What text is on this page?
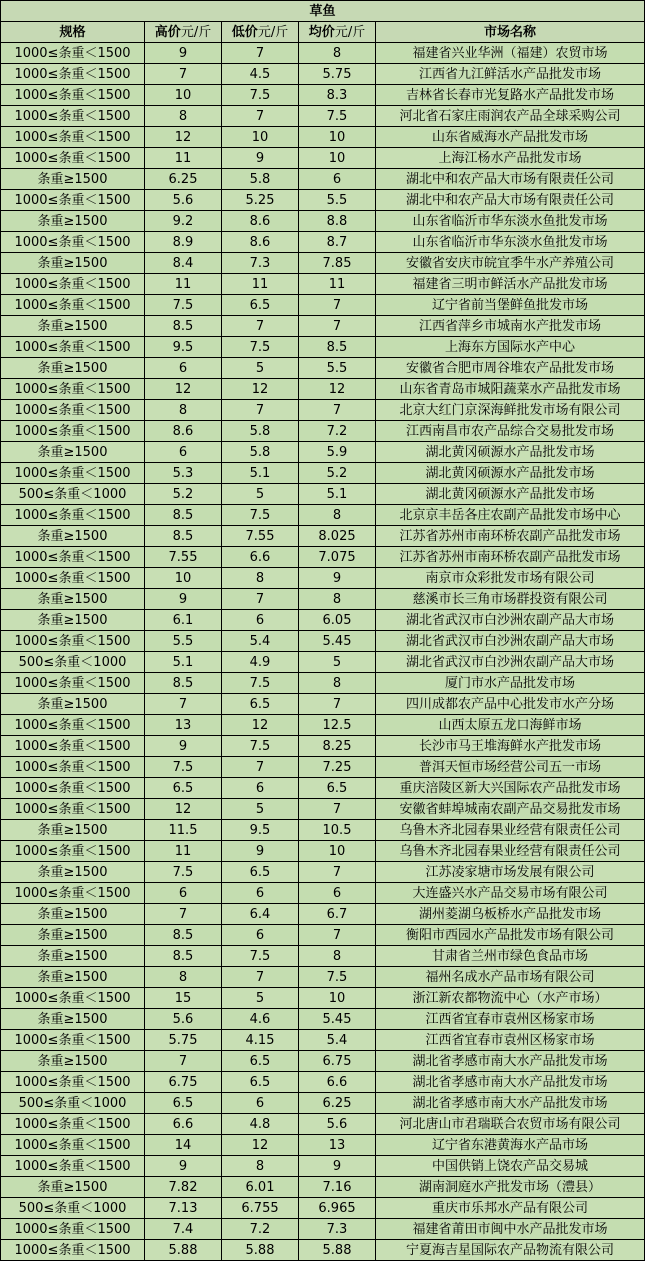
草鱼				
规格	高价元/斤	低价元/斤	均价元/斤	市场名称
1000≤条重＜1500	9	7	8	福建省兴业华洲（福建）农贸市场
1000≤条重＜1500	7	4.5	5.75	江西省九江鲜活水产品批发市场
1000≤条重＜1500	10	7.5	8.3	吉林省长春市光复路水产品批发市场
1000≤条重＜1500	8	7	7.5	河北省石家庄雨润农产品全球采购公司
1000≤条重＜1500	12	10	10	山东省威海水产品批发市场
1000≤条重＜1500	11	9	10	上海江杨水产品批发市场
条重≥1500	6.25	5.8	6	湖北中和农产品大市场有限责任公司
1000≤条重＜1500	5.6	5.25	5.5	湖北中和农产品大市场有限责任公司
条重≥1500	9.2	8.6	8.8	山东省临沂市华东淡水鱼批发市场
1000≤条重＜1500	8.9	8.6	8.7	山东省临沂市华东淡水鱼批发市场
条重≥1500	8.4	7.3	7.85	安徽省安庆市皖宜季牛水产养殖公司
1000≤条重＜1500	11	11	11	福建省三明市鲜活水产品批发市场
1000≤条重＜1500	7.5	6.5	7	辽宁省前当堡鲜鱼批发市场
条重≥1500	8.5	7	7	江西省萍乡市城南水产批发市场
1000≤条重＜1500	9.5	7.5	8.5	上海东方国际水产中心
条重≥1500	6	5	5.5	安徽省合肥市周谷堆农产品批发市场
1000≤条重＜1500	12	12	12	山东省青岛市城阳蔬菜水产品批发市场
1000≤条重＜1500	8	7	7	北京大红门京深海鲜批发市场有限公司
1000≤条重＜1500	8.6	5.8	7.2	江西南昌市农产品综合交易批发市场
条重≥1500	6	5.8	5.9	湖北黄冈硕源水产品批发市场
1000≤条重＜1500	5.3	5.1	5.2	湖北黄冈硕源水产品批发市场
500≤条重＜1000	5.2	5	5.1	湖北黄冈硕源水产品批发市场
1000≤条重＜1500	8.5	7.5	8	北京京丰岳各庄农副产品批发市场中心
条重≥1500	8.5	7.55	8.025	江苏省苏州市南环桥农副产品批发市场
1000≤条重＜1500	7.55	6.6	7.075	江苏省苏州市南环桥农副产品批发市场
1000≤条重＜1500	10	8	9	南京市众彩批发市场有限公司
条重≥1500	9	7	8	慈溪市长三角市场群投资有限公司
条重≥1500	6.1	6	6.05	湖北省武汉市白沙洲农副产品大市场
1000≤条重＜1500	5.5	5.4	5.45	湖北省武汉市白沙洲农副产品大市场
500≤条重＜1000	5.1	4.9	5	湖北省武汉市白沙洲农副产品大市场
1000≤条重＜1500	8.5	7.5	8	厦门市水产品批发市场
条重≥1500	7	6.5	7	四川成都农产品中心批发市水产分场
1000≤条重＜1500	13	12	12.5	山西太原五龙口海鲜市场
1000≤条重＜1500	9	7.5	8.25	长沙市马王堆海鲜水产批发市场
1000≤条重＜1500	7.5	7	7.25	普洱天恒市场经营公司五一市场
1000≤条重＜1500	6.5	6	6.5	重庆涪陵区新大兴国际农产品批发市场
1000≤条重＜1500	12	5	7	安徽省蚌埠城南农副产品交易批发市场
条重≥1500	11.5	9.5	10.5	乌鲁木齐北园春果业经营有限责任公司
1000≤条重＜1500	11	9	10	乌鲁木齐北园春果业经营有限责任公司
条重≥1500	7.5	6.5	7	江苏凌家塘市场发展有限公司
1000≤条重＜1500	6	6	6	大连盛兴水产品交易市场有限公司
条重≥1500	7	6.4	6.7	湖州菱湖乌板桥水产品批发市场
条重≥1500	8.5	6	7	衡阳市西园水产品批发市场有限公司
条重≥1500	8.5	7.5	8	甘肃省兰州市绿色食品市场
条重≥1500	8	7	7.5	福州名成水产品市场有限公司
1000≤条重＜1500	15	5	10	浙江新农都物流中心（水产市场）
条重≥1500	5.6	4.6	5.45	江西省宜春市袁州区杨家市场
1000≤条重＜1500	5.75	4.15	5.4	江西省宜春市袁州区杨家市场
条重≥1500	7	6.5	6.75	湖北省孝感市南大水产品批发市场
1000≤条重＜1500	6.75	6.5	6.6	湖北省孝感市南大水产品批发市场
500≤条重＜1000	6.5	6	6.25	湖北省孝感市南大水产品批发市场
1000≤条重＜1500	6.6	4.8	5.6	河北唐山市君瑞联合农贸市场有限公司
1000≤条重＜1500	14	12	13	辽宁省东港黄海水产品市场
1000≤条重＜1500	9	8	9	中国供销上饶农产品交易城
条重≥1500	7.82	6.01	7.16	湖南洞庭水产批发市场（澧县）
500≤条重＜1000	7.13	6.755	6.965	重庆市乐邦水产品有限公司
1000≤条重＜1500	7.4	7.2	7.3	福建省莆田市闽中水产品批发市场
1000≤条重＜1500	5.88	5.88	5.88	宁夏海吉星国际农产品物流有限公司
